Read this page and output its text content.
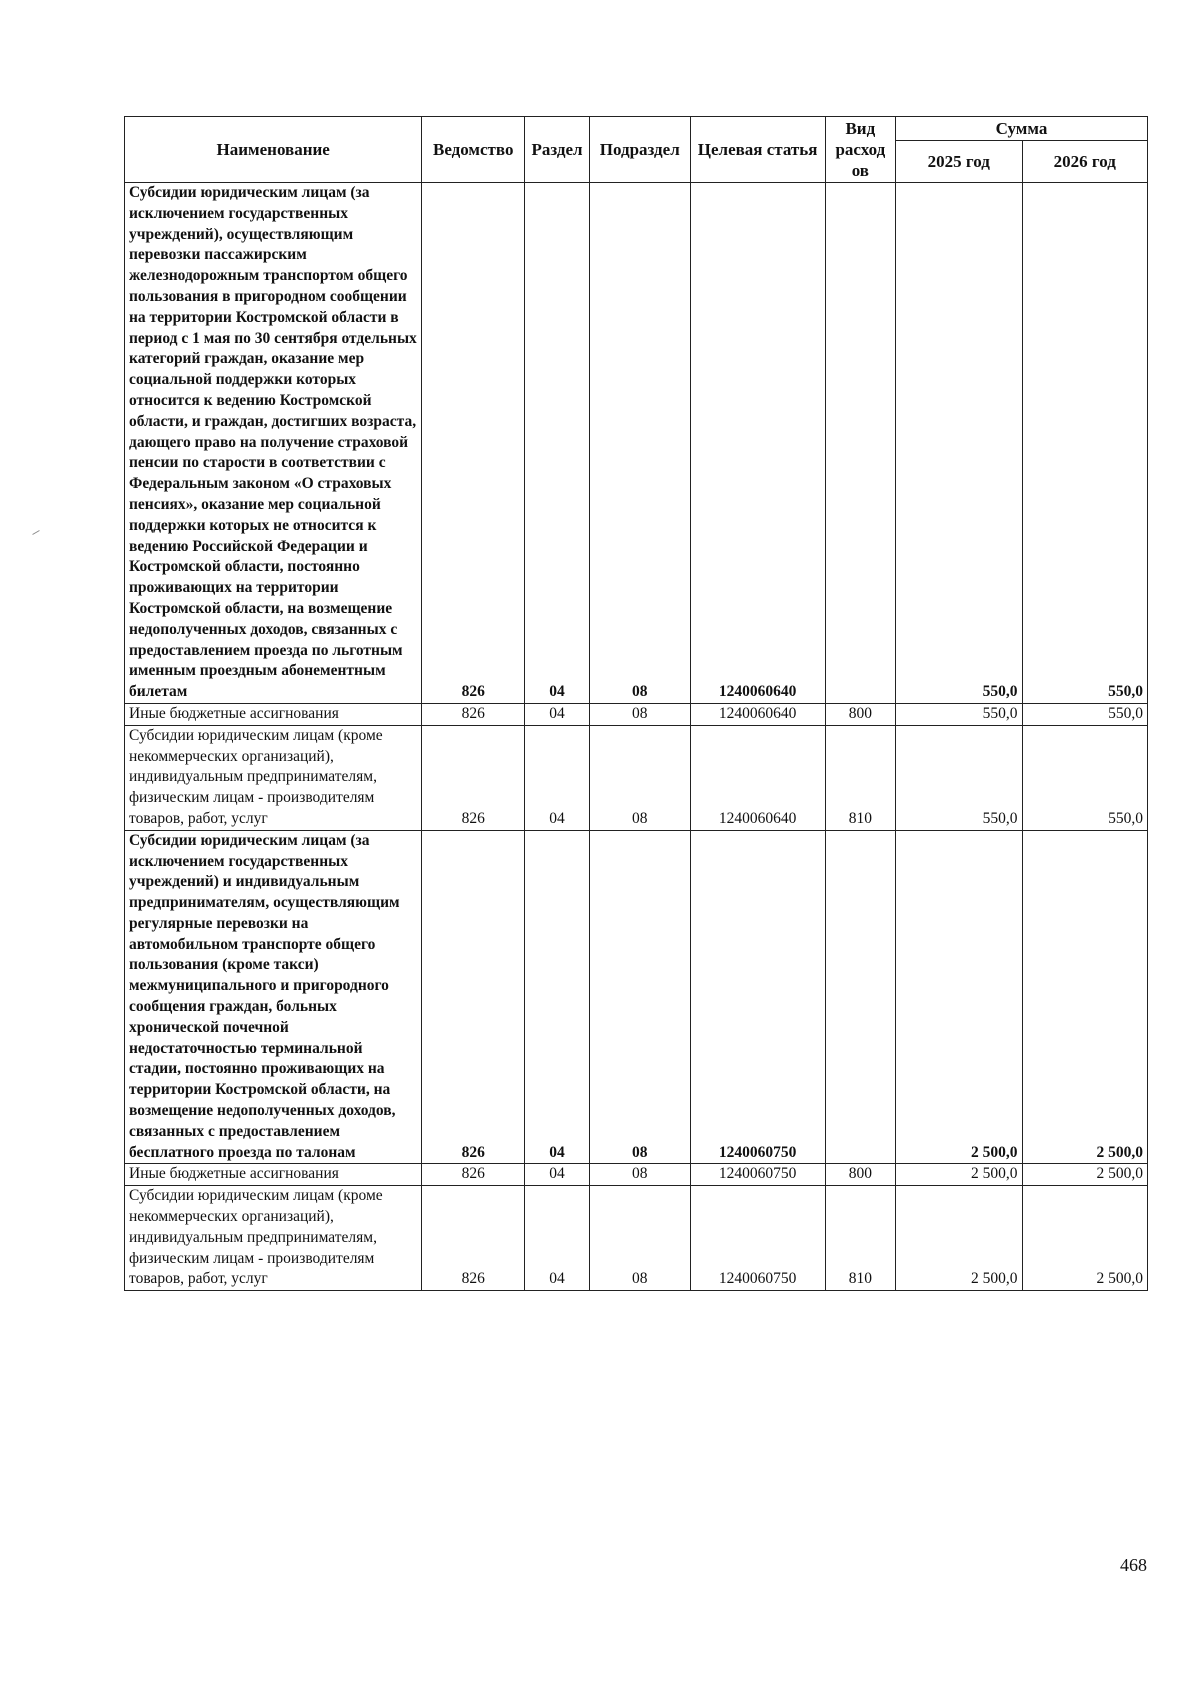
Наименование	Ведомство	Раздел	Подраздел	Целевая статья	Вид расход ов	Сумма	
						2025 год	2026 год
Субсидии юридическим лицам (за исключением государственных учреждений), осуществляющим перевозки пассажирским железнодорожным транспортом общего пользования в пригородном сообщении на территории Костромской области в период с 1 мая по 30 сентября отдельных категорий граждан, оказание мер социальной поддержки которых относится к ведению Костромской области, и граждан, достигших возраста, дающего право на получение страховой пенсии по старости в соответствии с Федеральным законом «О страховых пенсиях», оказание мер социальной поддержки которых не относится к ведению Российской Федерации и Костромской области, постоянно проживающих на территории Костромской области, на возмещение недополученных доходов, связанных с предоставлением проезда по льготным именным проездным абонементным билетам	826	04	08	1240060640		550,0	550,0
Иные бюджетные ассигнования	826	04	08	1240060640	800	550,0	550,0
Субсидии юридическим лицам (кроме некоммерческих организаций), индивидуальным предпринимателям, физическим лицам - производителям товаров, работ, услуг	826	04	08	1240060640	810	550,0	550,0
Субсидии юридическим лицам (за исключением государственных учреждений) и индивидуальным предпринимателям, осуществляющим регулярные перевозки на автомобильном транспорте общего пользования (кроме такси) межмуниципального и пригородного сообщения граждан, больных хронической почечной недостаточностью терминальной стадии, постоянно проживающих на территории Костромской области, на возмещение недополученных доходов, связанных с предоставлением бесплатного проезда по талонам	826	04	08	1240060750		2 500,0	2 500,0
Иные бюджетные ассигнования	826	04	08	1240060750	800	2 500,0	2 500,0
Субсидии юридическим лицам (кроме некоммерческих организаций), индивидуальным предпринимателям, физическим лицам - производителям товаров, работ, услуг	826	04	08	1240060750	810	2 500,0	2 500,0
468
